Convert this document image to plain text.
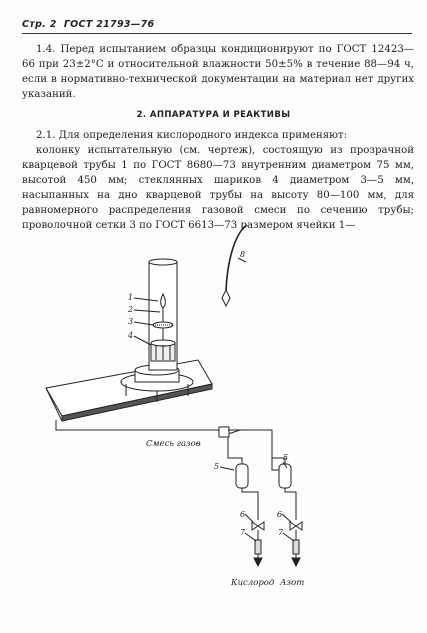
Стр. 2 ГОСТ 21793—76

1.4. Перед испытанием образцы кондиционируют по ГОСТ 12423—66 при 23±2°С и относительной влажности 50±5% в течение 88—94 ч, если в нормативно-технической документации на материал нет других указаний.

2. АППАРАТУРА И РЕАКТИВЫ

2.1. Для определения кислородного индекса применяют:

колонку испытательную (см. чертеж), состоящую из прозрачной кварцевой трубы 1 по ГОСТ 8680—73 внутренним диаметром 75 мм, высотой 450 мм; стеклянных шариков 4 диаметром 3—5 мм, насыпанных на дно кварцевой трубы на высоту 80—100 мм, для равномерного распределения газовой смеси по сечению трубы; проволочной сетки 3 по ГОСТ 6613—73 размером ячейки 1—

1
2
3
4
5
5
6	6
7	7
8
Смесь газов
Кислород Азот
